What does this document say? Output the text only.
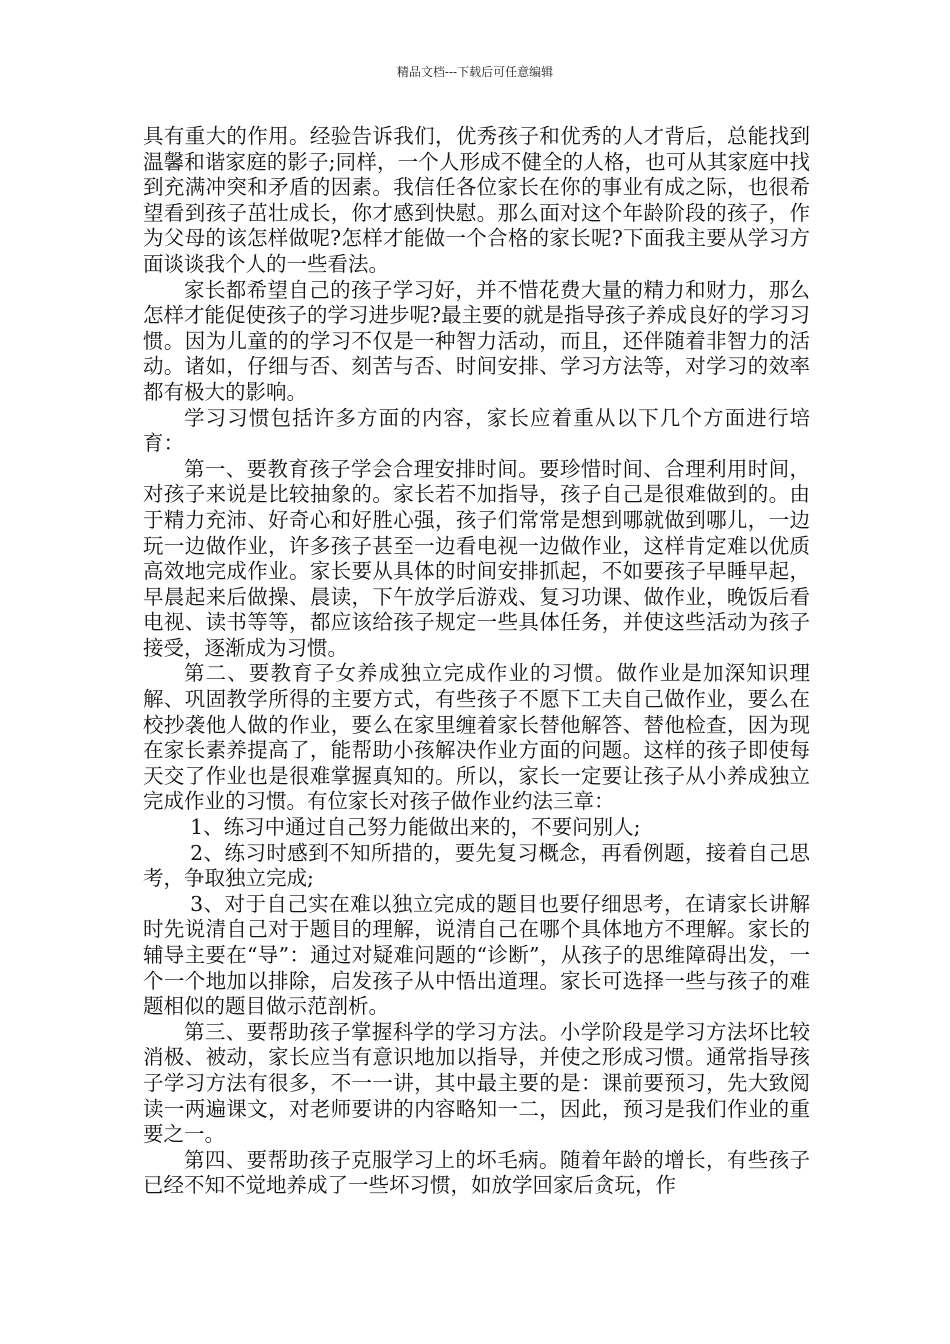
精品文档---下载后可任意编辑

具有重大的作用。经验告诉我们，优秀孩子和优秀的人才背后，总能找到温馨和谐家庭的影子;同样，一个人形成不健全的人格，也可从其家庭中找到充满冲突和矛盾的因素。我信任各位家长在你的事业有成之际，也很希望看到孩子茁壮成长，你才感到快慰。那么面对这个年龄阶段的孩子，作为父母的该怎样做呢?怎样才能做一个合格的家长呢?下面我主要从学习方面谈谈我个人的一些看法。

家长都希望自己的孩子学习好，并不惜花费大量的精力和财力，那么怎样才能促使孩子的学习进步呢?最主要的就是指导孩子养成良好的学习习惯。因为儿童的的学习不仅是一种智力活动，而且，还伴随着非智力的活动。诸如，仔细与否、刻苦与否、时间安排、学习方法等，对学习的效率都有极大的影响。

学习习惯包括许多方面的内容，家长应着重从以下几个方面进行培育：

第一、要教育孩子学会合理安排时间。要珍惜时间、合理利用时间，对孩子来说是比较抽象的。家长若不加指导，孩子自己是很难做到的。由于精力充沛、好奇心和好胜心强，孩子们常常是想到哪就做到哪儿，一边玩一边做作业，许多孩子甚至一边看电视一边做作业，这样肯定难以优质高效地完成作业。家长要从具体的时间安排抓起，不如要孩子早睡早起，早晨起来后做操、晨读，下午放学后游戏、复习功课、做作业，晚饭后看电视、读书等等，都应该给孩子规定一些具体任务，并使这些活动为孩子接受，逐渐成为习惯。

第二、要教育子女养成独立完成作业的习惯。做作业是加深知识理解、巩固教学所得的主要方式，有些孩子不愿下工夫自己做作业，要么在校抄袭他人做的作业，要么在家里缠着家长替他解答、替他检查，因为现在家长素养提高了，能帮助小孩解决作业方面的问题。这样的孩子即使每天交了作业也是很难掌握真知的。所以，家长一定要让孩子从小养成独立完成作业的习惯。有位家长对孩子做作业约法三章：

1、练习中通过自己努力能做出来的，不要问别人;

2、练习时感到不知所措的，要先复习概念，再看例题，接着自己思考，争取独立完成;

3、对于自己实在难以独立完成的题目也要仔细思考，在请家长讲解时先说清自己对于题目的理解，说清自己在哪个具体地方不理解。家长的辅导主要在“导”：通过对疑难问题的“诊断”，从孩子的思维障碍出发，一个一个地加以排除，启发孩子从中悟出道理。家长可选择一些与孩子的难题相似的题目做示范剖析。

第三、要帮助孩子掌握科学的学习方法。小学阶段是学习方法坏比较消极、被动，家长应当有意识地加以指导，并使之形成习惯。通常指导孩子学习方法有很多，不一一讲，其中最主要的是：课前要预习，先大致阅读一两遍课文，对老师要讲的内容略知一二，因此，预习是我们作业的重要之一。

第四、要帮助孩子克服学习上的坏毛病。随着年龄的增长，有些孩子已经不知不觉地养成了一些坏习惯，如放学回家后贪玩，作
